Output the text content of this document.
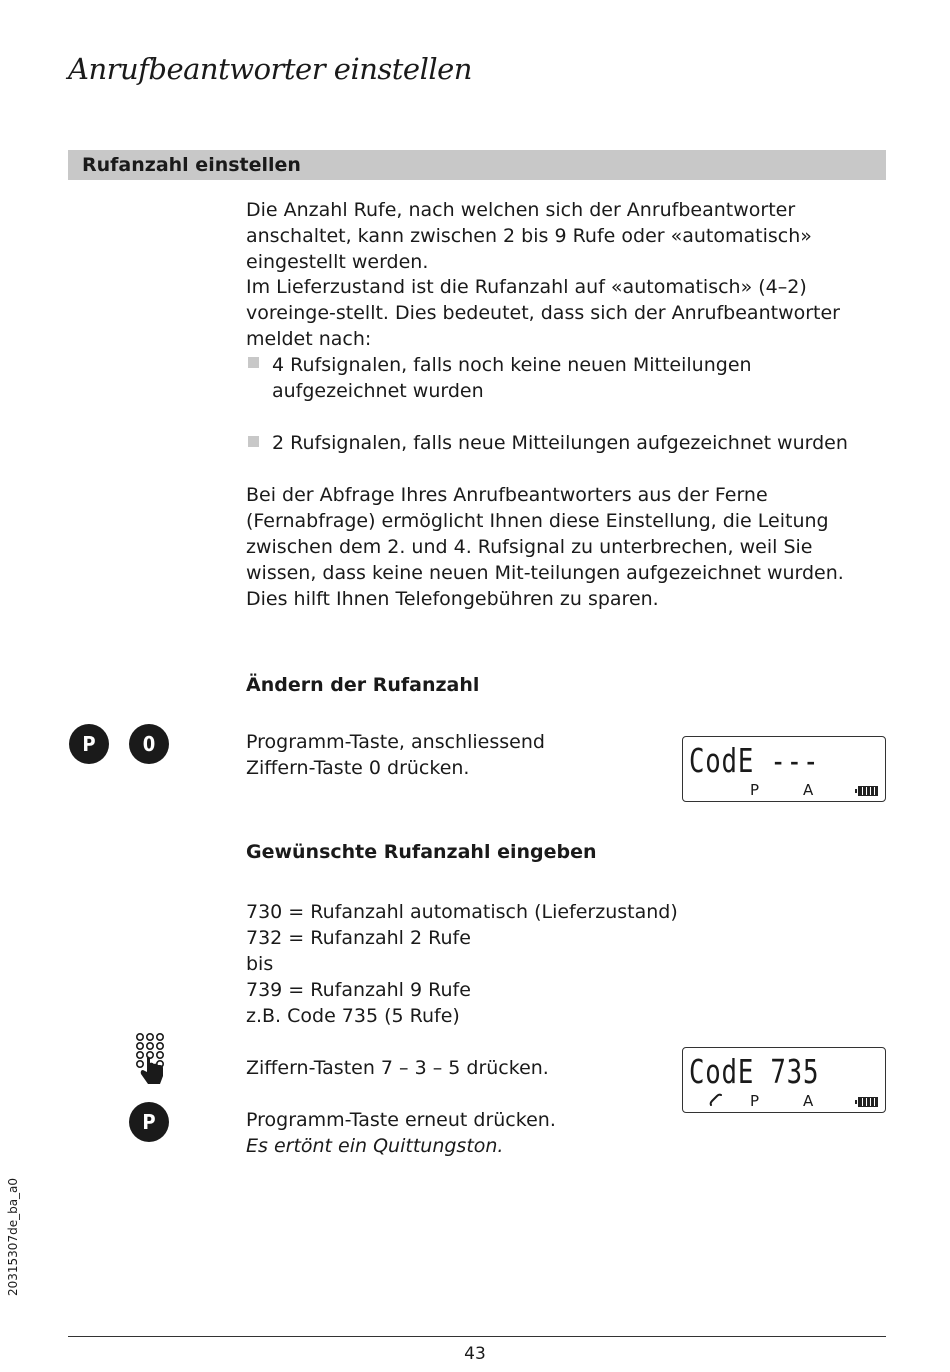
Anrufbeantworter einstellen
Rufanzahl einstellen

Die Anzahl Rufe, nach welchen sich der Anrufbeantworter anschaltet, kann zwischen 2 bis 9 Rufe oder «automatisch» eingestellt werden.

Im Lieferzustand ist die Rufanzahl auf «automatisch» (4–2) voreinge-stellt. Dies bedeutet, dass sich der Anrufbeantworter meldet nach:

4 Rufsignalen, falls noch keine neuen Mitteilungen aufgezeichnet wurden
2 Rufsignalen, falls neue Mitteilungen aufgezeichnet wurden

Bei der Abfrage Ihres Anrufbeantworters aus der Ferne (Fernabfrage) ermöglicht Ihnen diese Einstellung, die Leitung zwischen dem 2. und 4. Rufsignal zu unterbrechen, weil Sie wissen, dass keine neuen Mit-teilungen aufgezeichnet wurden. Dies hilft Ihnen Telefongebühren zu sparen.

Ändern der Rufanzahl
P	0	Programm-Taste, anschliessend
Ziffern-Taste 0 drücken.	CodE ---
P	A
Gewünschte Rufanzahl eingeben
730 = Rufanzahl automatisch (Lieferzustand)
732 = Rufanzahl 2 Rufe
bis
739 = Rufanzahl 9 Rufe
z.B. Code 735 (5 Rufe)
Ziffern-Tasten 7 – 3 – 5 drücken.	CodE 735
P	A
P	Programm-Taste erneut drücken.
Es ertönt ein Quittungston.
20315307de_ba_a0
43
